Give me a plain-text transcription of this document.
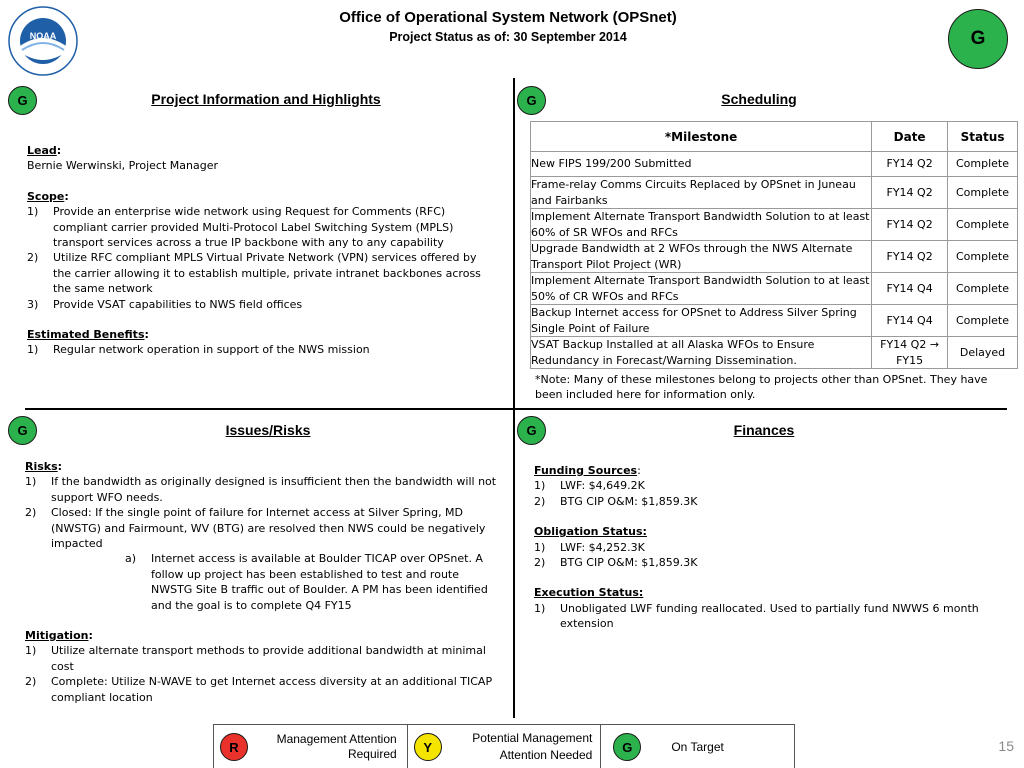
NOAA
Office of Operational System Network (OPSnet)
Project Status as of: 30 September 2014	G
G	Project Information and Highlights
Lead:
Bernie Werwinski, Project Manager
Scope:
1) Provide an enterprise wide network using Request for Comments (RFC) compliant carrier provided Multi-Protocol Label Switching System (MPLS) transport services across a true IP backbone with any to any capability
2) Utilize RFC compliant MPLS Virtual Private Network (VPN) services offered by the carrier allowing it to establish multiple, private intranet backbones across the same network
3) Provide VSAT capabilities to NWS field offices
Estimated Benefits:
1) Regular network operation in support of the NWS mission
G	Scheduling
*Milestone	Date	Status
New FIPS 199/200 Submitted	FY14 Q2	Complete
Frame-relay Comms Circuits Replaced by OPSnet in Juneau and Fairbanks	FY14 Q2	Complete
Implement Alternate Transport Bandwidth Solution to at least 60% of SR WFOs and RFCs	FY14 Q2	Complete
Upgrade Bandwidth at 2 WFOs through the NWS Alternate Transport Pilot Project (WR)	FY14 Q2	Complete
Implement Alternate Transport Bandwidth Solution to at least 50% of CR WFOs and RFCs	FY14 Q4	Complete
Backup Internet access for OPSnet to Address Silver Spring Single Point of Failure	FY14 Q4	Complete
VSAT Backup Installed at all Alaska WFOs to Ensure Redundancy in Forecast/Warning Dissemination.	FY14 Q2 → FY15	Delayed
*Note: Many of these milestones belong to projects other than OPSnet. They have been included here for information only.
G	Issues/Risks
Risks:
1) If the bandwidth as originally designed is insufficient then the bandwidth will not support WFO needs.
2) Closed: If the single point of failure for Internet access at Silver Spring, MD (NWSTG) and Fairmount, WV (BTG) are resolved then NWS could be negatively impacted
a) Internet access is available at Boulder TICAP over OPSnet. A follow up project has been established to test and route NWSTG Site B traffic out of Boulder. A PM has been identified and the goal is to complete Q4 FY15
Mitigation:
1) Utilize alternate transport methods to provide additional bandwidth at minimal cost
2) Complete: Utilize N-WAVE to get Internet access diversity at an additional TICAP compliant location
G	Finances
Funding Sources:
1) LWF: $4,649.2K
2) BTG CIP O&M: $1,859.3K
Obligation Status:
1) LWF: $4,252.3K
2) BTG CIP O&M: $1,859.3K
Execution Status:
1) Unobligated LWF funding reallocated. Used to partially fund NWWS 6 month extension
R
Management Attention Required	Y
Potential Management Attention Needed
G	On Target	15
